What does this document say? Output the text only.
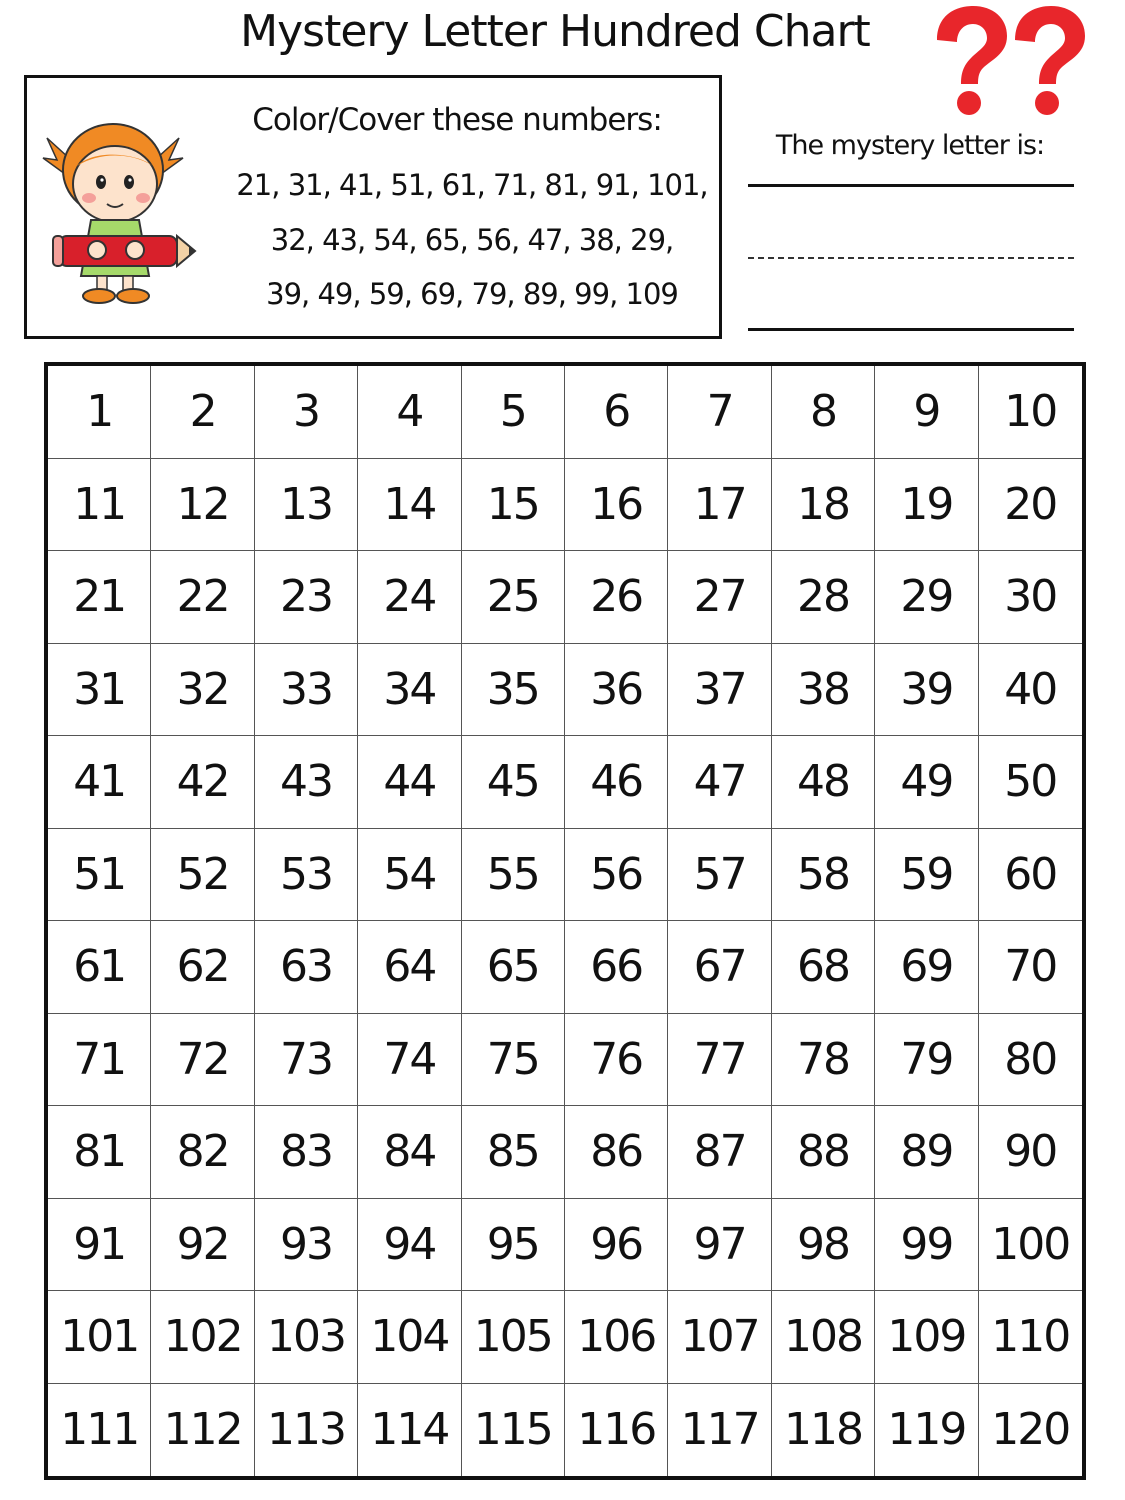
Mystery Letter Hundred Chart
Color/Cover these numbers:
21, 31, 41, 51, 61, 71, 81, 91, 101,
32, 43, 54, 65, 56, 47, 38, 29,
39, 49, 59, 69, 79, 89, 99, 109
The mystery letter is:
1	2	3	4	5	6	7	8	9	10
11	12	13	14	15	16	17	18	19	20
21	22	23	24	25	26	27	28	29	30
31	32	33	34	35	36	37	38	39	40
41	42	43	44	45	46	47	48	49	50
51	52	53	54	55	56	57	58	59	60
61	62	63	64	65	66	67	68	69	70
71	72	73	74	75	76	77	78	79	80
81	82	83	84	85	86	87	88	89	90
91	92	93	94	95	96	97	98	99 100
101 102 103 104 105 106 107 108 109 110
111 112 113 114 115 116 117 118 119 120
